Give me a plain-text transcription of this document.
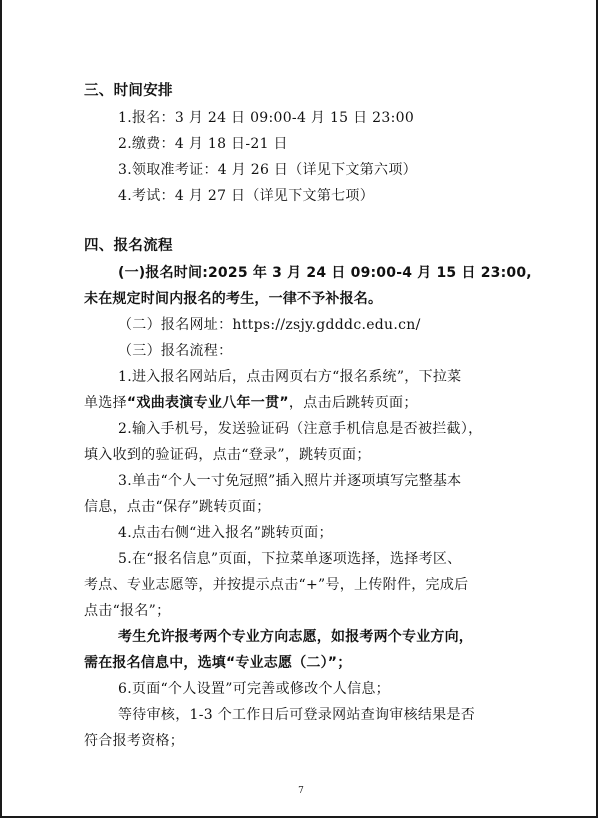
三、时间安排
1.报名：3 月 24 日 09:00-4 月 15 日 23:00
2.缴费：4 月 18 日-21 日
3.领取准考证：4 月 26 日（详见下文第六项）
4.考试：4 月 27 日（详见下文第七项）
四、报名流程
(一)报名时间:2025 年 3 月 24 日 09:00-4 月 15 日 23:00,
未在规定时间内报名的考生，一律不予补报名。
（二）报名网址：https://zsjy.gdddc.edu.cn/
（三）报名流程：
1.进入报名网站后，点击网页右方“报名系统”，下拉菜
单选择“戏曲表演专业八年一贯”，点击后跳转页面；
2.输入手机号，发送验证码（注意手机信息是否被拦截），
填入收到的验证码，点击“登录”，跳转页面；
3.单击“个人一寸免冠照”插入照片并逐项填写完整基本
信息，点击“保存”跳转页面；
4.点击右侧“进入报名”跳转页面；
5.在“报名信息”页面，下拉菜单逐项选择，选择考区、
考点、专业志愿等，并按提示点击“+”号，上传附件，完成后
点击“报名”；
考生允许报考两个专业方向志愿，如报考两个专业方向，
需在报名信息中，选填“专业志愿（二）”；
6.页面“个人设置”可完善或修改个人信息；
等待审核，1-3 个工作日后可登录网站查询审核结果是否
符合报考资格；
7
